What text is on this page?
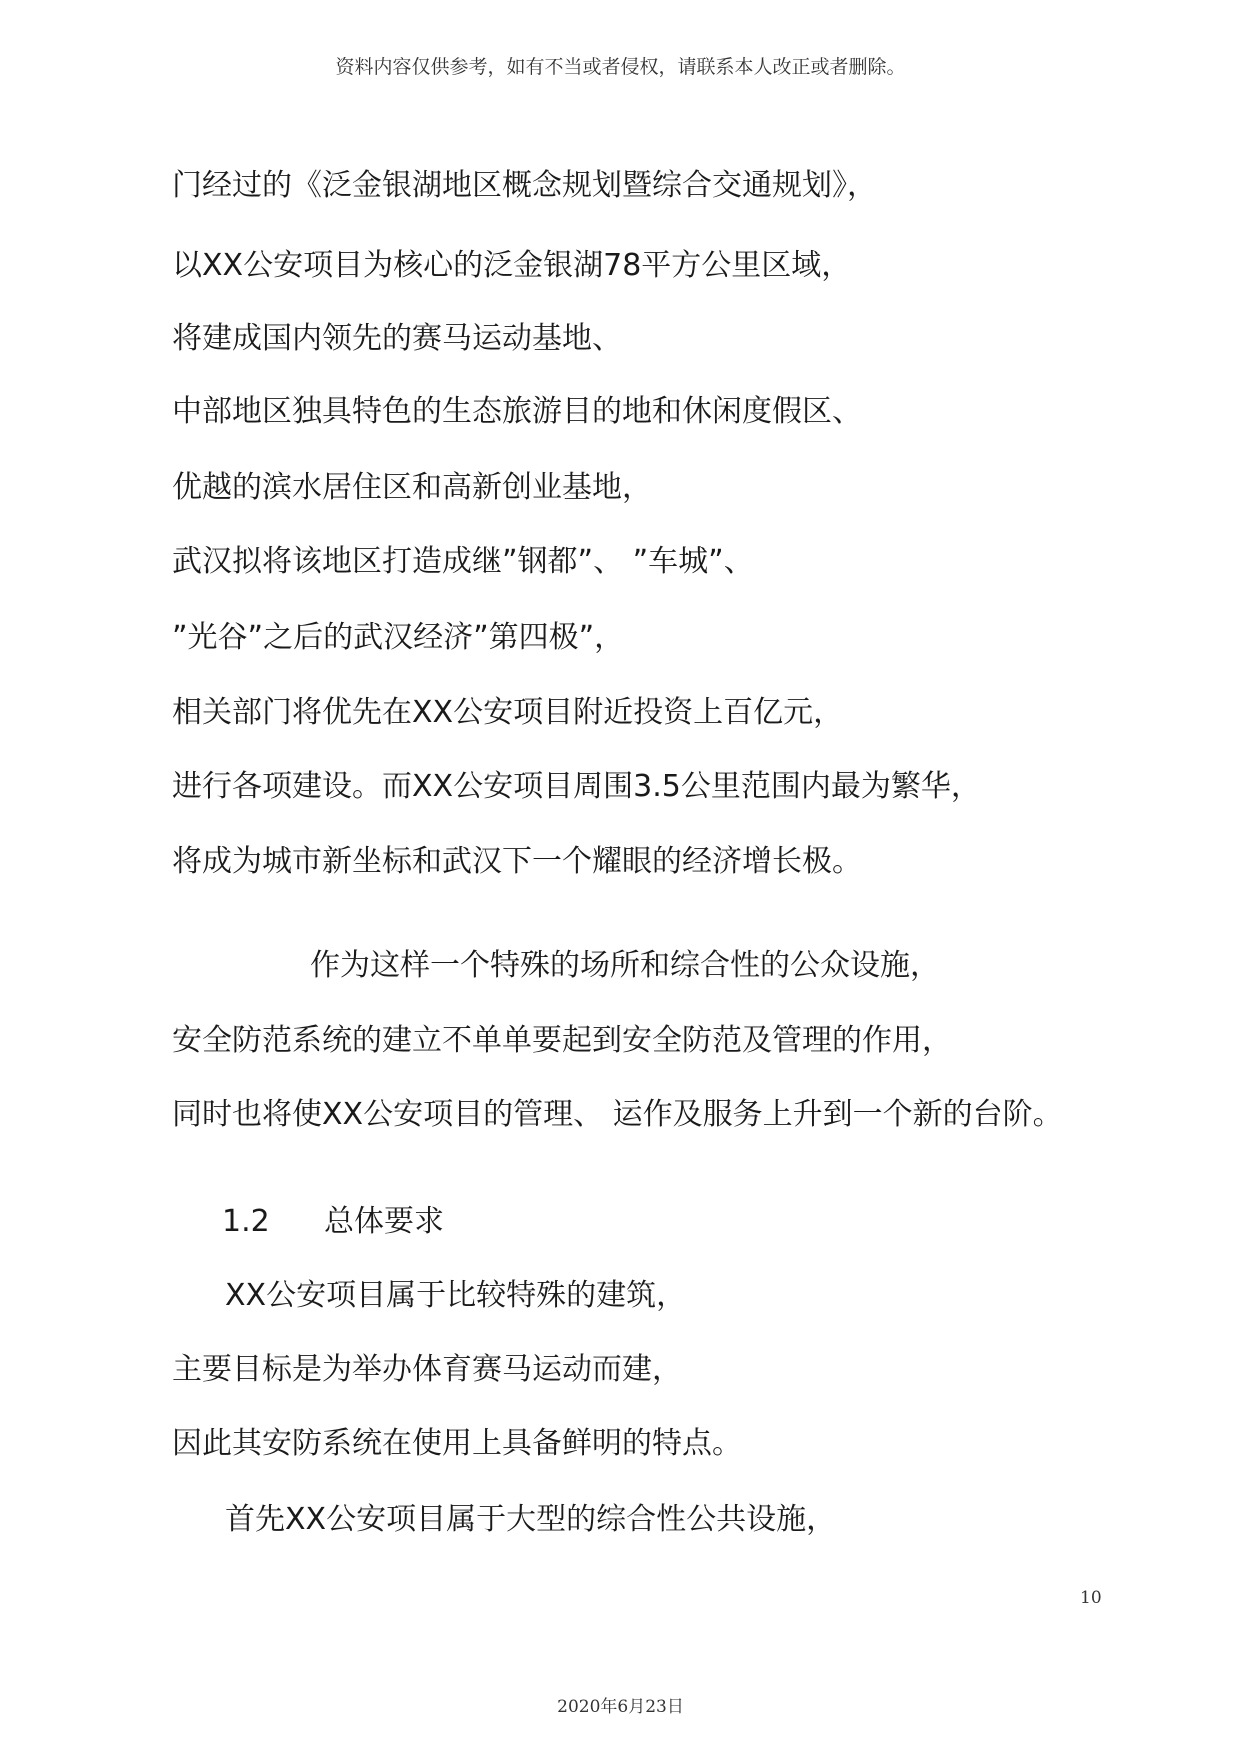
资料内容仅供参考，如有不当或者侵权，请联系本人改正或者删除。
门经过的《泛金银湖地区概念规划暨综合交通规划》，
以XX公安项目为核心的泛金银湖78平方公里区域，
将建成国内领先的赛马运动基地、
中部地区独具特色的生态旅游目的地和休闲度假区、
优越的滨水居住区和高新创业基地，
武汉拟将该地区打造成继”钢都”、 ”车城”、
”光谷”之后的武汉经济”第四极”，
相关部门将优先在XX公安项目附近投资上百亿元，
进行各项建设。而XX公安项目周围3.5公里范围内最为繁华，
将成为城市新坐标和武汉下一个耀眼的经济增长极。
作为这样一个特殊的场所和综合性的公众设施，
安全防范系统的建立不单单要起到安全防范及管理的作用，
同时也将使XX公安项目的管理、 运作及服务上升到一个新的台阶。
1.2 总体要求
XX公安项目属于比较特殊的建筑，
主要目标是为举办体育赛马运动而建，
因此其安防系统在使用上具备鲜明的特点。
首先XX公安项目属于大型的综合性公共设施，
10
2020年6月23日
